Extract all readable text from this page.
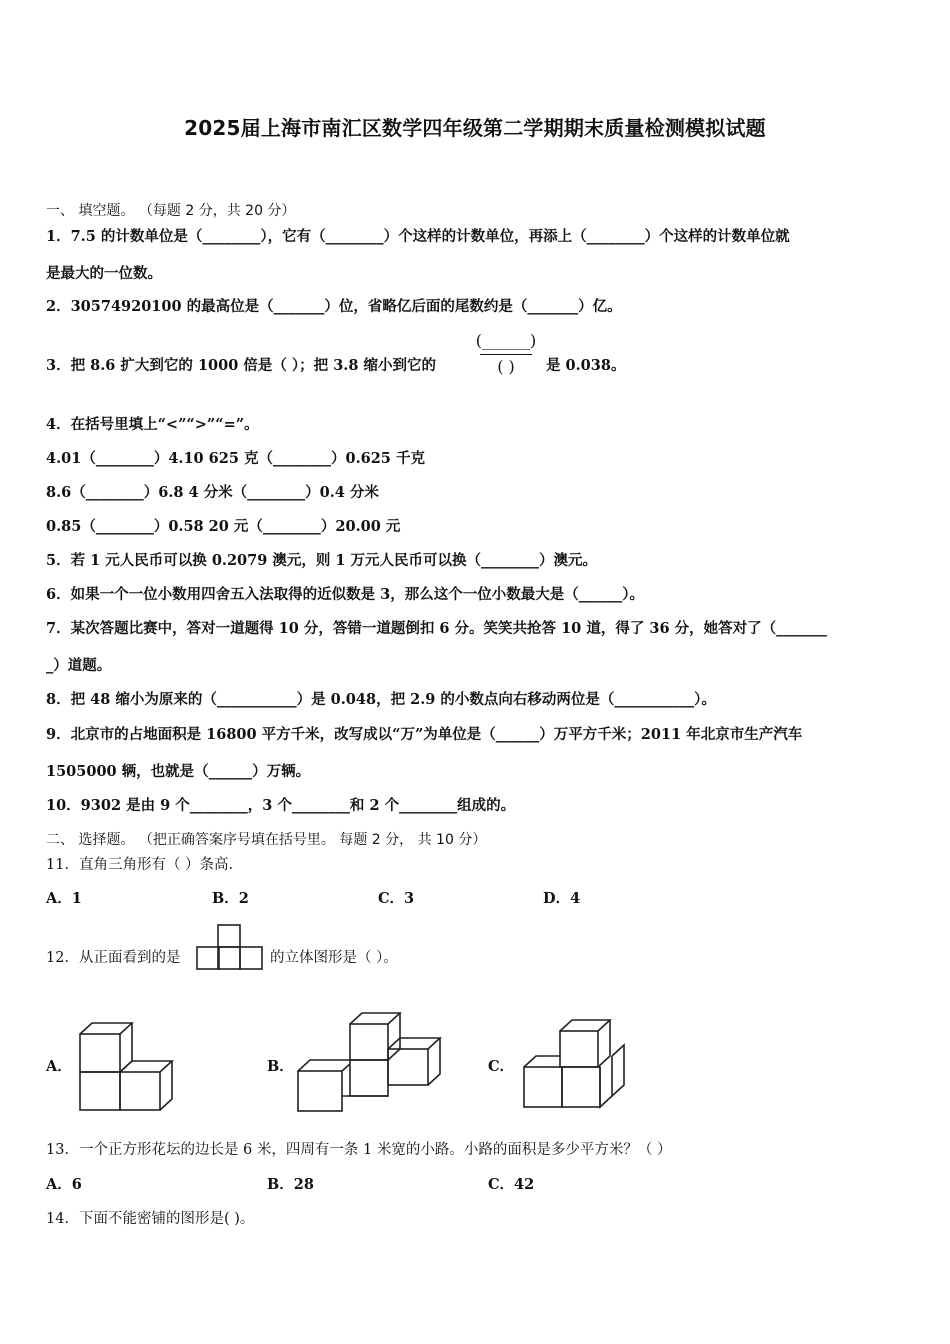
2025届上海市南汇区数学四年级第二学期期末质量检测模拟试题
一、 填空题。 （每题 2 分，共 20 分）
1．7.5 的计数单位是（________），它有（________）个这样的计数单位，再添上（________）个这样的计数单位就
是最大的一位数。
2．30574920100 的最高位是（_______）位，省略亿后面的尾数约是（_______）亿。
3．把 8.6 扩大到它的 1000 倍是（ ）；把 3.8 缩小到它的
(______)
( )	是 0.038。
4．在括号里填上“<”“>”“=”。
4.01（________）4.10 625 克（________）0.625 千克
8.6（________）6.8 4 分米（________）0.4 分米
0.85（________）0.58 20 元（________）20.00 元
5．若 1 元人民币可以换 0.2079 澳元，则 1 万元人民币可以换（________）澳元。
6．如果一个一位小数用四舍五入法取得的近似数是 3，那么这个一位小数最大是（______）。
7．某次答题比赛中，答对一道题得 10 分，答错一道题倒扣 6 分。笑笑共抢答 10 道，得了 36 分，她答对了（_______
_）道题。
8．把 48 缩小为原来的（___________）是 0.048，把 2.9 的小数点向右移动两位是（___________）。
9．北京市的占地面积是 16800 平方千米，改写成以“万”为单位是（______）万平方千米；2011 年北京市生产汽车
1505000 辆，也就是（______）万辆。
10．9302 是由 9 个________，3 个________和 2 个________组成的。
二、 选择题。 （把正确答案序号填在括号里。 每题 2 分， 共 10 分）
11．直角三角形有（ ）条高.
A．1	B．2	C．3	D．4
12．从正面看到的是	的立体图形是（ ）。
A．	B．	C．
13．一个正方形花坛的边长是 6 米，四周有一条 1 米宽的小路。小路的面积是多少平方米？（ ）
A．6	B．28	C．42
14．下面不能密铺的图形是( )。
